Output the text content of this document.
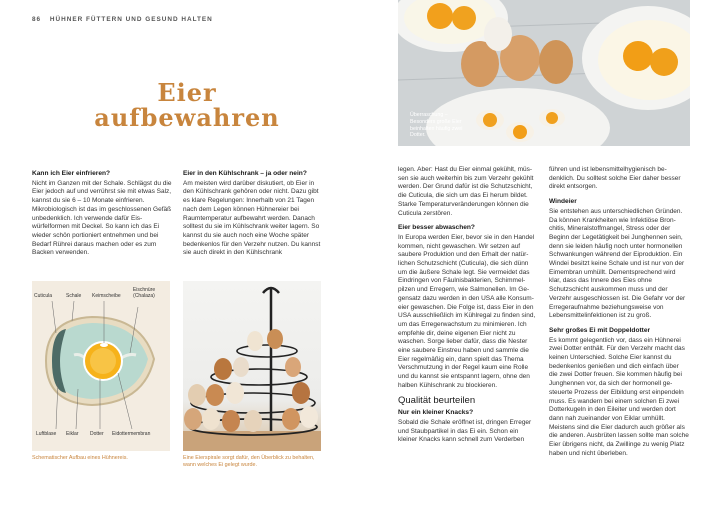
86 HÜHNER FÜTTERN UND GESUND HALTEN
Eier
aufbewahren	Überraschung – Besonders große Eier beinhalten häufig zwei Dotter.
Kann ich Eier einfrieren?

Nicht im Ganzen mit der Schale. Schlägst du die Eier jedoch auf und verrührst sie mit etwas Salz, kannst du sie 6 – 10 Monate einfrieren. Mikrobiologisch ist das im geschlossenen Gefäß unbedenklich. Ich verwende dafür Eiswürfelformen mit Deckel. So kann ich das Ei wieder schön portioniert entnehmen und bei Bedarf Rührei daraus machen oder es zum Backen verwenden.

Eier in den Kühlschrank – ja oder nein?

Am meisten wird darüber diskutiert, ob Eier in den Kühlschrank gehören oder nicht. Dazu gibt es klare Regelungen: Innerhalb von 21 Tagen nach dem Legen können Hühnereier bei Raumtemperatur aufbewahrt werden. Danach solltest du sie im Kühlschrank weiter lagern. So kannst du sie auch noch eine Woche später bedenkenlos für den Verzehr nutzen. Du kannst sie auch direkt in den Kühlschrank

Cuticula	Schale Keimscheibe
Eischnüre (Chalaza)
Luftblase Eiklar Dotter Eidottermembran
Schematischer Aufbau eines Hühnereis.	Eine Eierspirale sorgt dafür, den Überblick zu behalten, wann welches Ei gelegt wurde.

legen. Aber: Hast du Eier einmal gekühlt, müssen sie auch weiterhin bis zum Verzehr gekühlt werden. Der Grund dafür ist die Schutzschicht, die Cuticula, die sich um das Ei herum bildet. Starke Temperaturveränderungen können die Cuticula zerstören.

Eier besser abwaschen?

In Europa werden Eier, bevor sie in den Handel kommen, nicht gewaschen. Wir setzen auf saubere Produktion und den Erhalt der natürlichen Schutzschicht (Cuticula), die sich dünn um die äußere Schale legt. Sie vermeidet das Eindringen von Fäulnisbakterien, Schimmelpilzen und Erregern, wie Salmonellen. Im Gegensatz dazu werden in den USA alle Konsumeier gewaschen. Die Folge ist, dass Eier in den USA ausschließlich im Kühlregal zu finden sind, um das Erregerwachstum zu minimieren. Ich empfehle dir, deine eigenen Eier nicht zu waschen. Sorge lieber dafür, dass die Nester eine saubere Einstreu haben und sammle die Eier regelmäßig ein, dann spielt das Thema Verschmutzung in der Regel kaum eine Rolle und du kannst sie entspannt lagern, ohne den halben Kühlschrank zu blockieren.

Qualität beurteilen
Nur ein kleiner Knacks?

Sobald die Schale eröffnet ist, dringen Erreger und Staubpartikel in das Ei ein. Schon ein kleiner Knacks kann schnell zum Verderben

führen und ist lebensmittelhygienisch bedenklich. Du solltest solche Eier daher besser direkt entsorgen.

Windeier

Sie entstehen aus unterschiedlichen Gründen. Da können Krankheiten wie Infektiöse Bronchitis, Mineralstoffmangel, Stress oder der Beginn der Legetätigkeit bei Junghennen sein, denn sie leiden häufig noch unter hormonellen Schwankungen während der Eiproduktion. Ein Windei besitzt keine Schale und ist nur von der Eimembran umhüllt. Dementsprechend wird klar, dass das Innere des Eies ohne Schutzschicht auskommen muss und der Verzehr ausgeschlossen ist. Die Gefahr vor der Erregeraufnahme beziehungsweise von Lebensmittelinfektionen ist zu groß.

Sehr großes Ei mit Doppeldotter

Es kommt gelegentlich vor, dass ein Hühnerei zwei Dotter enthält. Für den Verzehr macht das keinen Unterschied. Solche Eier kannst du bedenkenlos genießen und dich einfach über die zwei Dotter freuen. Sie kommen häufig bei Junghennen vor, da sich der hormonell gesteuerte Prozess der Eibildung erst einpendeln muss. Es wandern bei einem solchen Ei zwei Dotterkugeln in den Eileiter und werden dort dann nah zueinander von Eiklar umhüllt. Meistens sind die Eier dadurch auch größer als die anderen. Ausbrüten lassen sollte man solche Eier übrigens nicht, da Zwillinge zu wenig Platz haben und nicht überleben.
